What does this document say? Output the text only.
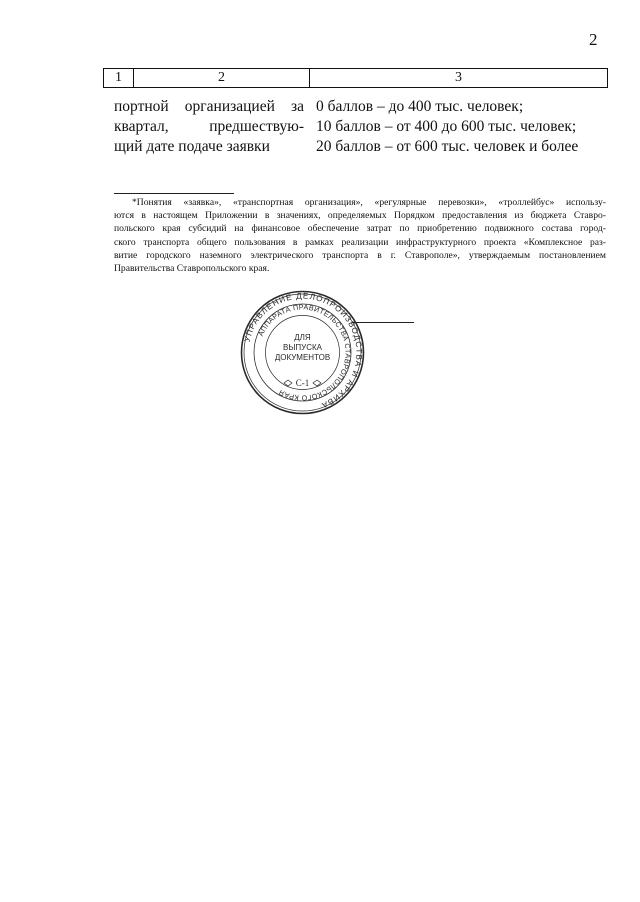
2
1	2	3
портной организацией за
квартал, предшествую-
щий дате подаче заявки
0 баллов – до 400 тыс. человек;
10 баллов – от 400 до 600 тыс. человек;
20 баллов – от 600 тыс. человек и более
*Понятия «заявка», «транспортная организация», «регулярные перевозки», «троллейбус» использу-
ются в настоящем Приложении в значениях, определяемых Порядком предоставления из бюджета Ставро-
польского края субсидий на финансовое обеспечение затрат по приобретению подвижного состава город-
ского транспорта общего пользования в рамках реализации инфраструктурного проекта «Комплексное раз-
витие городского наземного электрического транспорта в г. Ставрополе», утверждаемым постановлением
Правительства Ставропольского края.
УПРАВЛЕНИЕ ДЕЛОПРОИЗВОДСТВА И АРХИВА
АППАРАТА ПРАВИТЕЛЬСТВА СТАВРОПОЛЬСКОГО КРАЯ
ДЛЯ
ВЫПУСКА
ДОКУМЕНТОВ
С-1
